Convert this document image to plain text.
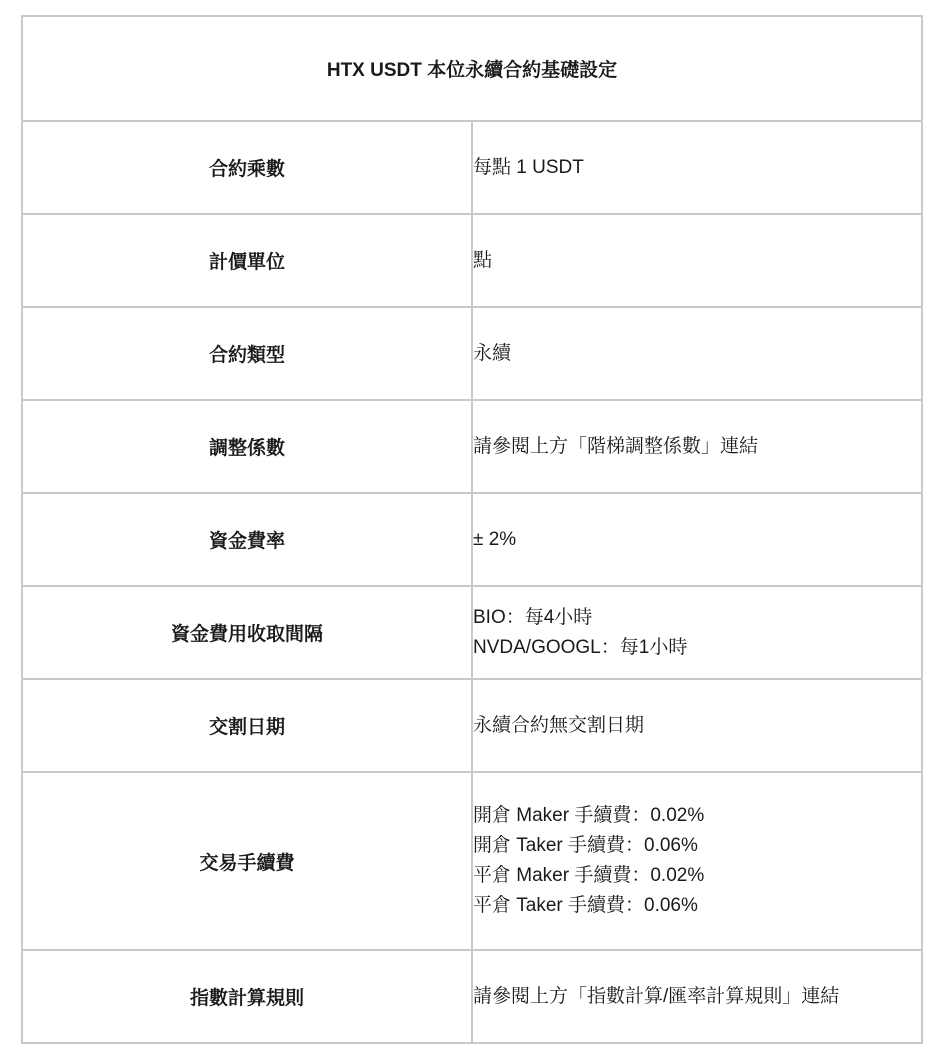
HTX USDT 本位永續合約基礎設定	
合約乘數	每點 1 USDT

計價單位	點

合約類型	永續

調整係數	請參閱上方「階梯調整係數」連結

資金費率	± 2%

資金費用收取間隔	BIO：每4小時
NVDA/GOOGL：每1小時

交割日期	永續合約無交割日期

交易手續費	開倉 Maker 手續費：0.02%
開倉 Taker 手續費：0.06%
平倉 Maker 手續費：0.02%
平倉 Taker 手續費：0.06%

指數計算規則	請參閱上方「指數計算/匯率計算規則」連結
